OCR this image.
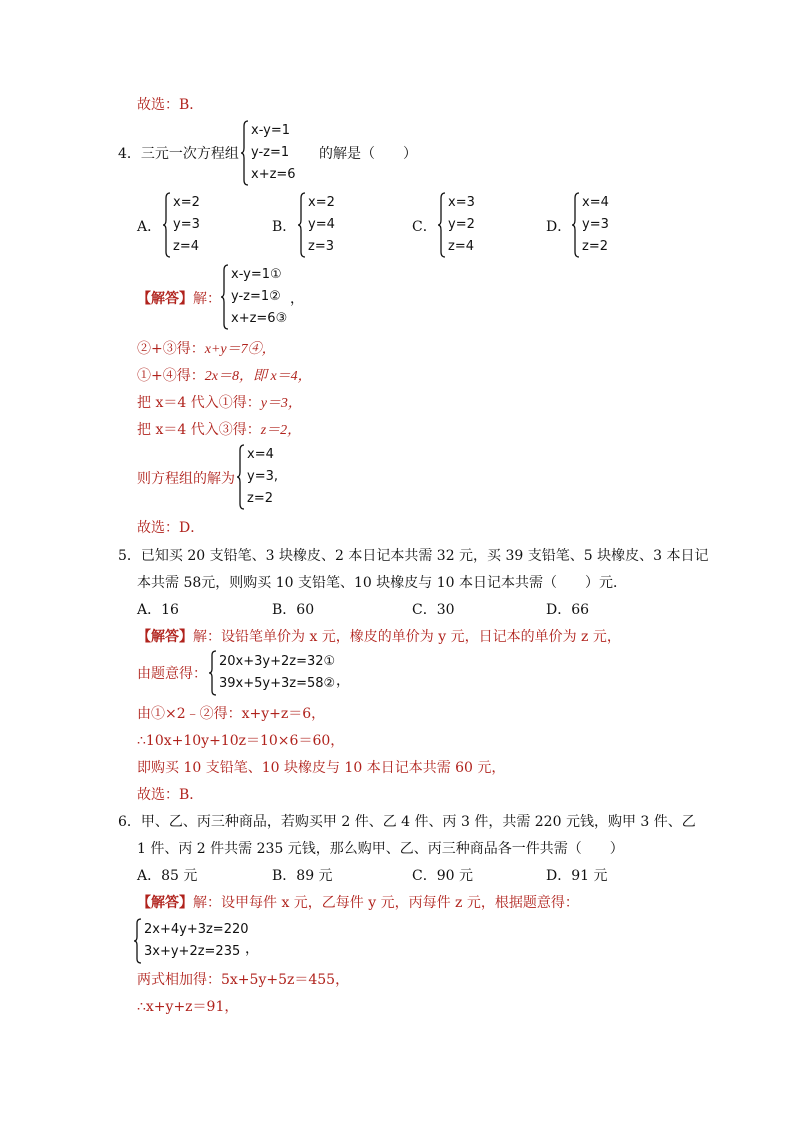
故选：B．
4．三元一次方程组
x-y=1
y-z=1
x+z=6
的解是（　　）
A．
x=2
y=3
z=4
B．
x=2
y=4
z=3
C．
x=3
y=2
z=4
D．
x=4
y=3
z=2
【解答】解：
x-y=1①
y-z=1②
x+z=6③
，
②+③得：x+y＝7④，
①+④得：2x＝8，即 x＝4，
把 x＝4 代入①得：y＝3，
把 x＝4 代入③得：z＝2，
则方程组的解为
x=4
y=3,
z=2
故选：D．
5．已知买 20 支铅笔、3 块橡皮、2 本日记本共需 32 元，买 39 支铅笔、5 块橡皮、3 本日记
本共需 58元，则购买 10 支铅笔、10 块橡皮与 10 本日记本共需（　　）元．
A．16	B．60	C．30	D．66
【解答】解：设铅笔单价为 x 元，橡皮的单价为 y 元，日记本的单价为 z 元，
由题意得：
20x+3y+2z=32①
39x+5y+3z=58② ，
由①×2﹣②得：x+y+z＝6，
∴10x+10y+10z＝10×6＝60，
即购买 10 支铅笔、10 块橡皮与 10 本日记本共需 60 元，
故选：B．
6．甲、乙、丙三种商品，若购买甲 2 件、乙 4 件、丙 3 件，共需 220 元钱，购甲 3 件、乙
1 件、丙 2 件共需 235 元钱，那么购甲、乙、丙三种商品各一件共需（　　）
A．85 元	B．89 元	C．90 元	D．91 元
【解答】解：设甲每件 x 元，乙每件 y 元，丙每件 z 元，根据题意得：
2x+4y+3z=220
3x+y+2z=235 ，
两式相加得：5x+5y+5z＝455，
∴x+y+z＝91，
